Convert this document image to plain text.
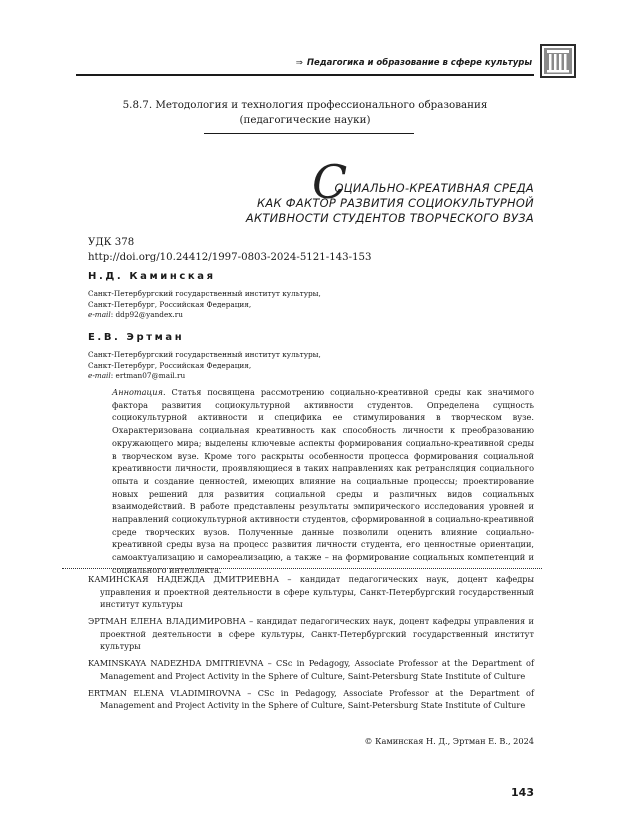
⇒ Педагогика и образование в сфере культуры
5.8.7. Методология и технология профессионального образования
(педагогические науки)
С
ОЦИАЛЬНО-КРЕАТИВНАЯ СРЕДА
КАК ФАКТОР РАЗВИТИЯ СОЦИОКУЛЬТУРНОЙ
АКТИВНОСТИ СТУДЕНТОВ ТВОРЧЕСКОГО ВУЗА
УДК 378
http://doi.org/10.24412/1997-0803-2024-5121-143-153
Н.Д. Каминская
Санкт-Петербургский государственный институт культуры,
Санкт-Петербург, Российская Федерация,
e-mail: ddp92@yandex.ru
Е.В. Эртман
Санкт-Петербургский государственный институт культуры,
Санкт-Петербург, Российская Федерация,
e-mail: ertman07@mail.ru
Аннотация. Статья посвящена рассмотрению социально-креативной среды как значимого фактора развития социокультурной активности студентов. Определена сущность социокультурной активности и специфика ее стимулирования в творческом вузе. Охарактеризована социальная креативность как способность личности к преобразованию окружающего мира; выделены ключевые аспекты формирования социально-креативной среды в творческом вузе. Кроме того раскрыты особенности процесса формирования социальной креативности личности, проявляющиеся в таких направлениях как ретрансляция социального опыта и создание ценностей, имеющих влияние на социальные процессы; проектирование новых решений для развития социальной среды и различных видов социальных взаимодействий. В работе представлены результаты эмпирического исследования уровней и направлений социокультурной активности студентов, сформированной в социально-креативной среде творческих вузов. Полученные данные позволили оценить влияние социально-креативной среды вуза на процесс развития личности студента, его ценностные ориентации, самоактуализацию и самореализацию, а также – на формирование социальных компетенций и социального интеллекта.

КАМИНСКАЯ НАДЕЖДА ДМИТРИЕВНА – кандидат педагогических наук, доцент кафедры управления и проектной деятельности в сфере культуры, Санкт-Петербургский государственный институт культуры

ЭРТМАН ЕЛЕНА ВЛАДИМИРОВНА – кандидат педагогических наук, доцент кафедры управления и проектной деятельности в сфере культуры, Санкт-Петербургский государственный институт культуры

KAMINSKAYA NADEZHDA DMITRIEVNA – CSc in Pedagogy, Associate Professor at the Department of Management and Project Activity in the Sphere of Culture, Saint-Petersburg State Institute of Culture

ERTMAN ELENA VLADIMIROVNA – CSc in Pedagogy, Associate Professor at the Department of Management and Project Activity in the Sphere of Culture, Saint-Petersburg State Institute of Culture

© Каминская Н. Д., Эртман Е. В., 2024
143
